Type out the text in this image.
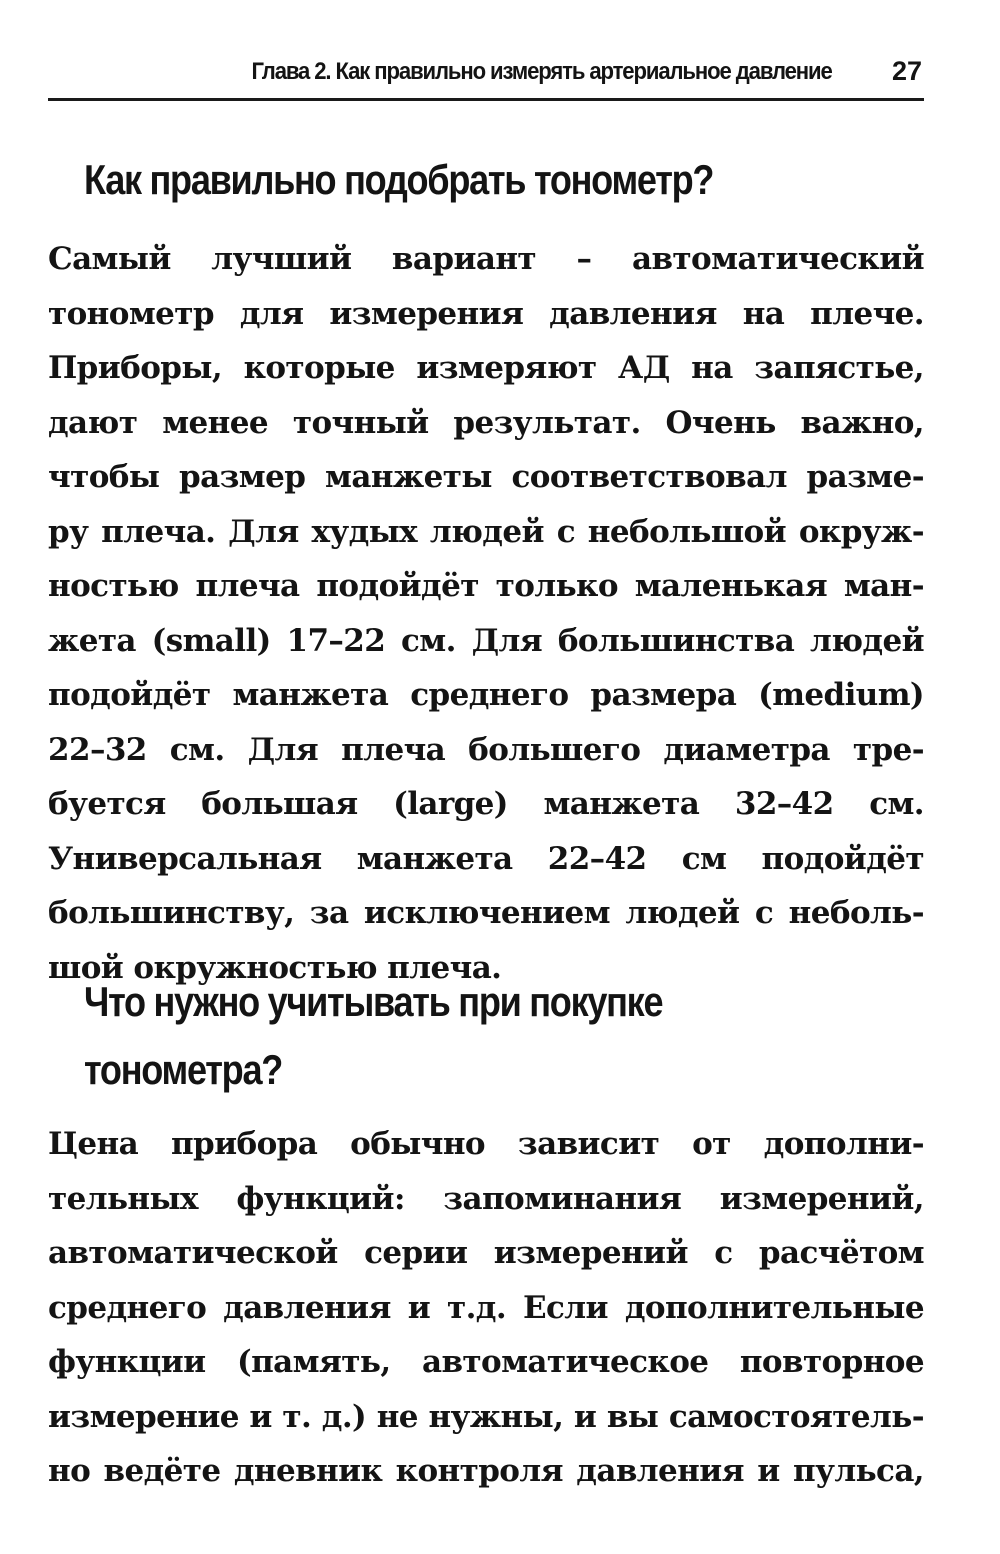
Глава 2. Как правильно измерять артериальное давление 27
Как правильно подобрать тонометр?
Самый лучший вариант – автоматический
тонометр для измерения давления на плече.
Приборы, которые измеряют АД на запястье,
дают менее точный результат. Очень важно,
чтобы размер манжеты соответствовал разме-
ру плеча. Для худых людей с небольшой окруж-
ностью плеча подойдёт только маленькая ман-
жета (small) 17–22 см. Для большинства людей
подойдёт манжета среднего размера (medium)
22–32 см. Для плеча большего диаметра тре-
буется большая (large) манжета 32–42 см.
Универсальная манжета 22–42 см подойдёт
большинству, за исключением людей с неболь-
шой окружностью плеча.
Что нужно учитывать при покупке
тонометра?
Цена прибора обычно зависит от дополни-
тельных функций: запоминания измерений,
автоматической серии измерений с расчётом
среднего давления и т.д. Если дополнительные
функции (память, автоматическое повторное
измерение и т. д.) не нужны, и вы самостоятель-
но ведёте дневник контроля давления и пульса,
